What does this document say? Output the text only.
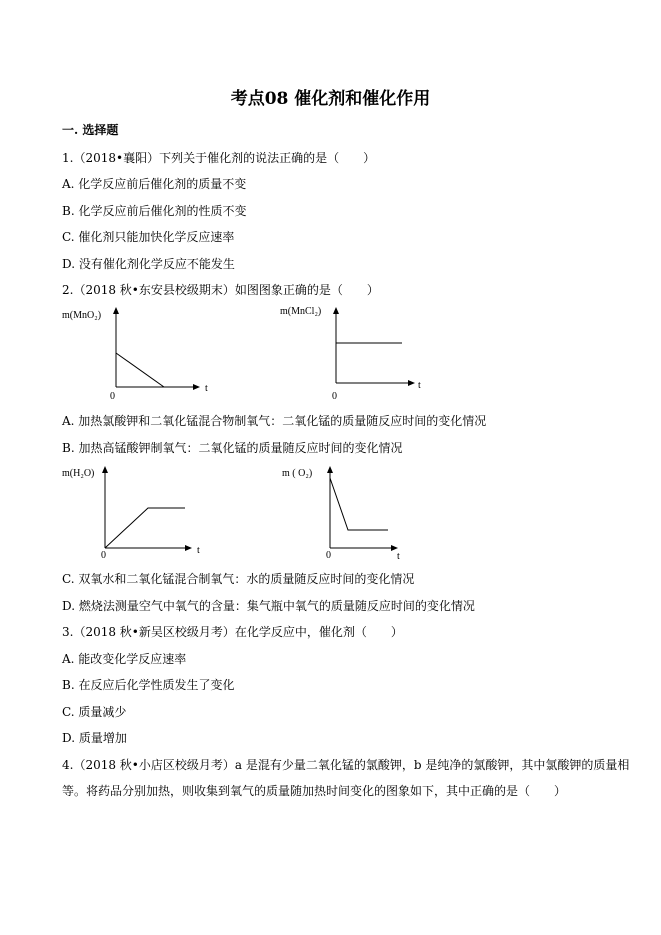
考点08 催化剂和催化作用
一. 选择题
1.（2018•襄阳）下列关于催化剂的说法正确的是（　　）
A. 化学反应前后催化剂的质量不变
B. 化学反应前后催化剂的性质不变
C. 催化剂只能加快化学反应速率
D. 没有催化剂化学反应不能发生
2.（2018 秋•东安县校级期末）如图图象正确的是（　　）
m(MnO₂)
0
t
m(MnCl₂)
0
t
A. 加热氯酸钾和二氧化锰混合物制氧气：二氧化锰的质量随反应时间的变化情况
B. 加热高锰酸钾制氧气：二氧化锰的质量随反应时间的变化情况
m(H₂O)
0	t
m ( O₂)
0	t
C. 双氧水和二氧化锰混合制氧气：水的质量随反应时间的变化情况
D. 燃烧法测量空气中氧气的含量：集气瓶中氧气的质量随反应时间的变化情况
3.（2018 秋•新吴区校级月考）在化学反应中，催化剂（　　）
A. 能改变化学反应速率
B. 在反应后化学性质发生了变化
C. 质量减少
D. 质量增加
4.（2018 秋•小店区校级月考）a 是混有少量二氧化锰的氯酸钾，b 是纯净的氯酸钾，其中氯酸钾的质量相
等。将药品分别加热，则收集到氧气的质量随加热时间变化的图象如下，其中正确的是（　　）
